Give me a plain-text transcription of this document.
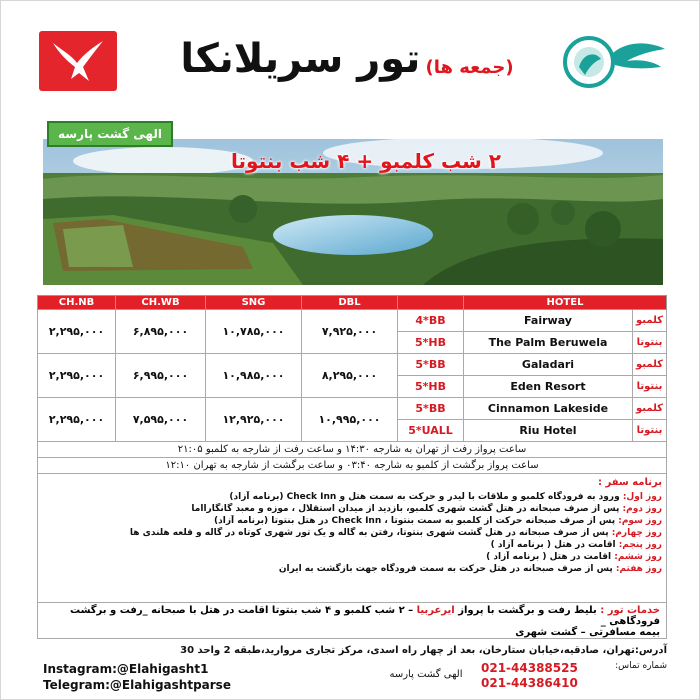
(جمعه ها) تور سریلانکا
الهی گشت پارسه
۲ شب کلمبو + ۴ شب بنتوتا
CH.NB	CH.WB	SNG	DBL		HOTEL	
۲,۲۹۵,۰۰۰	۶,۸۹۵,۰۰۰	۱۰,۷۸۵,۰۰۰	۷,۹۲۵,۰۰۰	4*BB	Fairway	کلمبو
				5*HB	The Palm Beruwela	بنتوتا
۲,۲۹۵,۰۰۰	۶,۹۹۵,۰۰۰	۱۰,۹۸۵,۰۰۰	۸,۲۹۵,۰۰۰	5*BB	Galadari	کلمبو
				5*HB	Eden Resort	بنتوتا
۲,۲۹۵,۰۰۰	۷,۵۹۵,۰۰۰	۱۲,۹۲۵,۰۰۰	۱۰,۹۹۵,۰۰۰	5*BB	Cinnamon Lakeside	کلمبو
				5*UALL	Riu Hotel	بنتوتا
ساعت پرواز رفت از تهران به شارجه ۱۴:۳۰ و ساعت رفت از شارجه به کلمبو ۲۱:۰۵						
ساعت پرواز برگشت از کلمبو به شارجه ۰۳:۴۰ و ساعت برگشت از شارجه به تهران ۱۲:۱۰						
برنامه سفر :
روز اول: ورود به فرودگاه کلمبو و ملاقات با لیدر و حرکت به سمت هتل و Check Inn (برنامه آزاد)
روز دوم: پس از صرف صبحانه در هتل گشت شهری کلمبو، بازدید از میدان استقلال ، موزه و معبد گانگارااما
روز سوم: پس از صرف صبحانه حرکت از کلمبو به سمت بنتوتا ، Check Inn در هتل بنتوتا (برنامه آزاد)
روز چهارم: پس از صرف صبحانه در هتل گشت شهری بنتوتا، رفتن به گاله و یک تور شهری کوتاه در گاله و قلعه هلندی ها
روز پنجم: اقامت در هتل ( برنامه آزاد )
روز ششم: اقامت در هتل ( برنامه آزاد )
روز هفتم: پس از صرف صبحانه در هتل حرکت به سمت فرودگاه جهت بازگشت به ایران
خدمات تور : بلیط رفت و برگشت با پرواز ایرعربیا – ۲ شب کلمبو و ۴ شب بنتوتا اقامت در هتل با صبحانه _رفت و برگشت فرودگاهی _
بیمه مسافرتی – گشت شهری
آدرس:تهران، صادقیه،خیابان ستارخان، بعد از چهار راه اسدی، مرکز تجاری مروارید،طبقه 2 واحد 30
شماره تماس:
021-44388525
021-44386410
الهی گشت پارسه
Instagram:@Elahigasht1
Telegram:@Elahigashtparse
